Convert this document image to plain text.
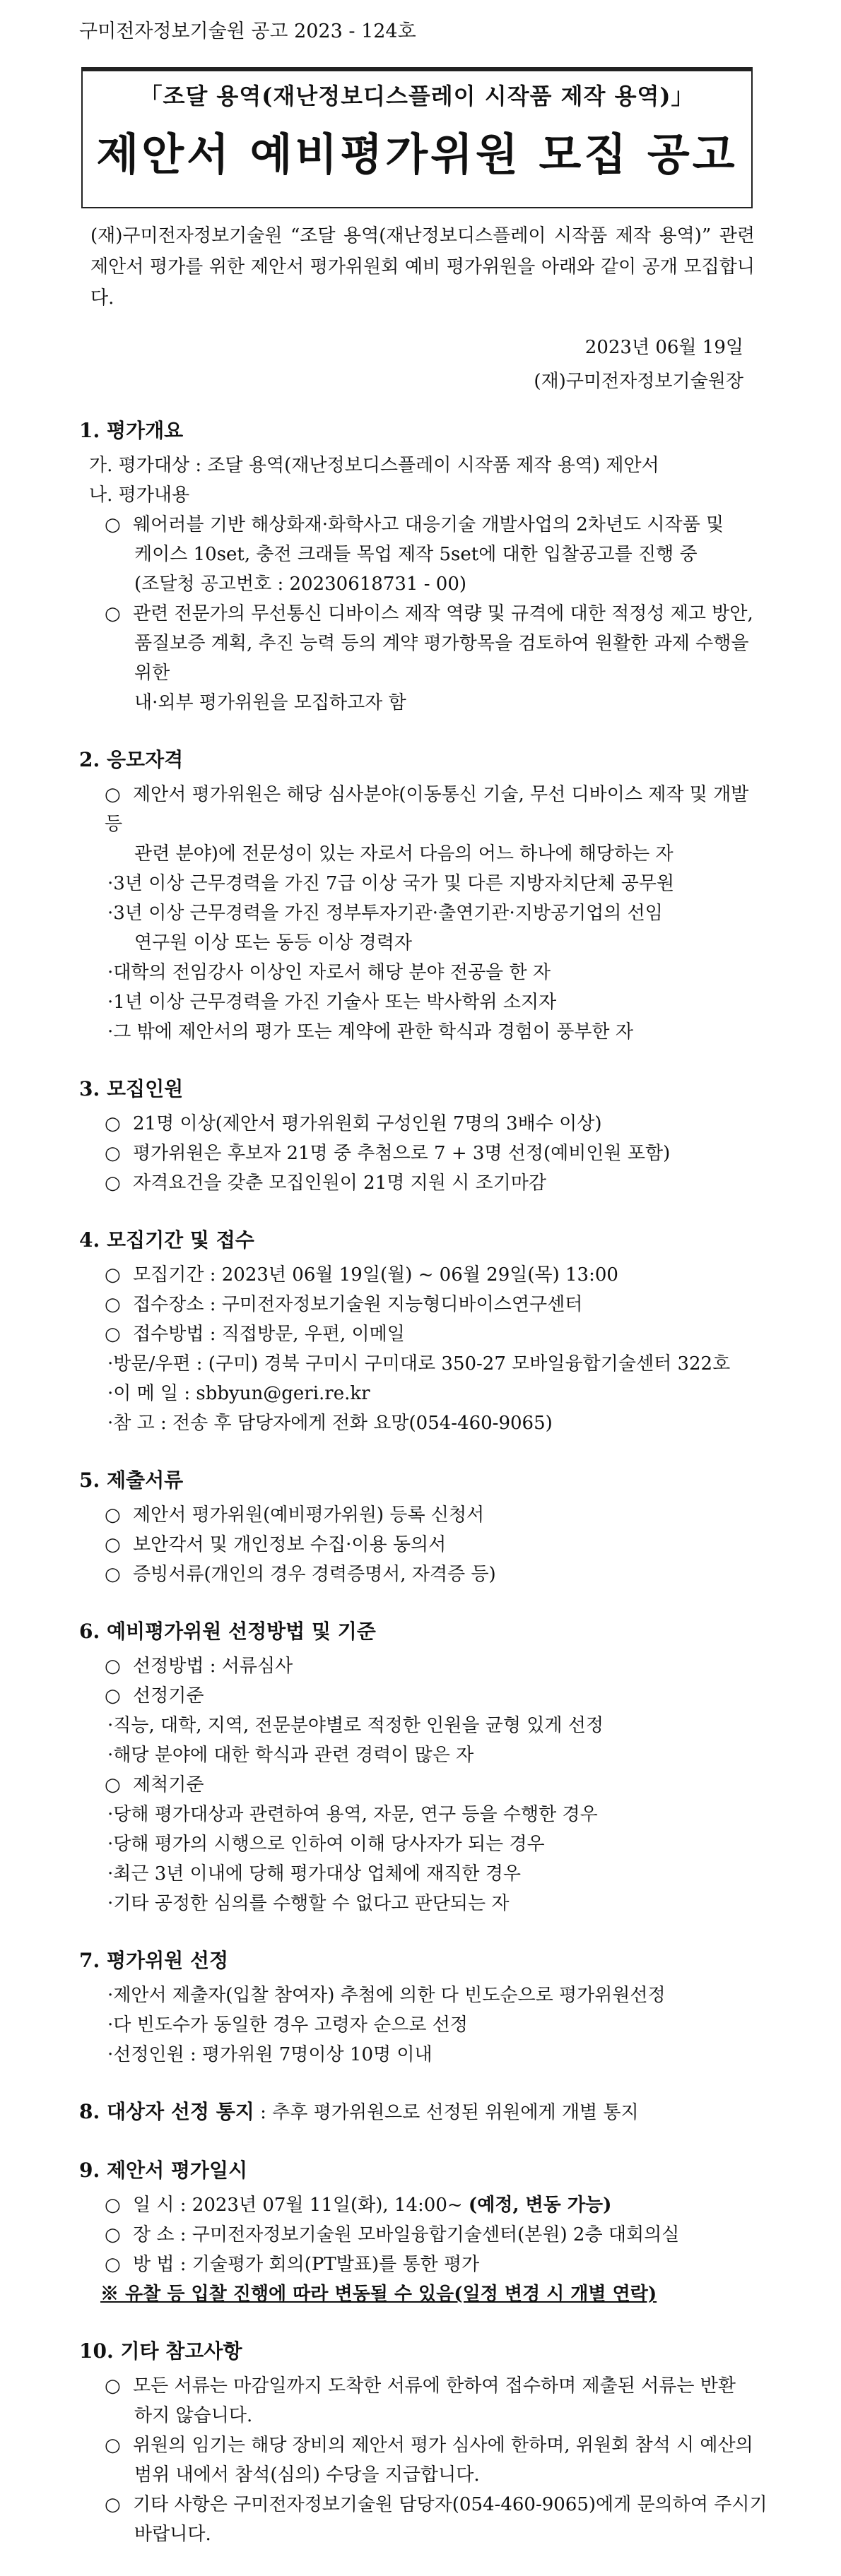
구미전자정보기술원 공고 2023 - 124호
「조달 용역(재난정보디스플레이 시작품 제작 용역)」
제안서 예비평가위원 모집 공고
(재)구미전자정보기술원 “조달 용역(재난정보디스플레이 시작품 제작 용역)” 관련 제안서 평가를 위한 제안서 평가위원회 예비 평가위원을 아래와 같이 공개 모집합니다.
2023년 06월 19일
(재)구미전자정보기술원장
1. 평가개요
가. 평가대상 : 조달 용역(재난정보디스플레이 시작품 제작 용역) 제안서
나. 평가내용
○ 웨어러블 기반 해상화재·화학사고 대응기술 개발사업의 2차년도 시작품 및
케이스 10set, 충전 크래들 목업 제작 5set에 대한 입찰공고를 진행 중
(조달청 공고번호 : 20230618731 - 00)
○ 관련 전문가의 무선통신 디바이스 제작 역량 및 규격에 대한 적정성 제고 방안,
품질보증 계획, 추진 능력 등의 계약 평가항목을 검토하여 원활한 과제 수행을 위한
내·외부 평가위원을 모집하고자 함
2. 응모자격
○ 제안서 평가위원은 해당 심사분야(이동통신 기술, 무선 디바이스 제작 및 개발 등
관련 분야)에 전문성이 있는 자로서 다음의 어느 하나에 해당하는 자
·3년 이상 근무경력을 가진 7급 이상 국가 및 다른 지방자치단체 공무원
·3년 이상 근무경력을 가진 정부투자기관·출연기관·지방공기업의 선임
연구원 이상 또는 동등 이상 경력자
·대학의 전임강사 이상인 자로서 해당 분야 전공을 한 자
·1년 이상 근무경력을 가진 기술사 또는 박사학위 소지자
·그 밖에 제안서의 평가 또는 계약에 관한 학식과 경험이 풍부한 자
3. 모집인원
○ 21명 이상(제안서 평가위원회 구성인원 7명의 3배수 이상)
○ 평가위원은 후보자 21명 중 추첨으로 7 + 3명 선정(예비인원 포함)
○ 자격요건을 갖춘 모집인원이 21명 지원 시 조기마감
4. 모집기간 및 접수
○ 모집기간 : 2023년 06월 19일(월) ~ 06월 29일(목) 13:00
○ 접수장소 : 구미전자정보기술원 지능형디바이스연구센터
○ 접수방법 : 직접방문, 우편, 이메일
·방문/우편 : (구미) 경북 구미시 구미대로 350-27 모바일융합기술센터 322호
·이 메 일 : sbbyun@geri.re.kr
·참 고 : 전송 후 담당자에게 전화 요망(054-460-9065)
5. 제출서류
○ 제안서 평가위원(예비평가위원) 등록 신청서
○ 보안각서 및 개인정보 수집·이용 동의서
○ 증빙서류(개인의 경우 경력증명서, 자격증 등)
6. 예비평가위원 선정방법 및 기준
○ 선정방법 : 서류심사
○ 선정기준
·직능, 대학, 지역, 전문분야별로 적정한 인원을 균형 있게 선정
·해당 분야에 대한 학식과 관련 경력이 많은 자
○ 제척기준
·당해 평가대상과 관련하여 용역, 자문, 연구 등을 수행한 경우
·당해 평가의 시행으로 인하여 이해 당사자가 되는 경우
·최근 3년 이내에 당해 평가대상 업체에 재직한 경우
·기타 공정한 심의를 수행할 수 없다고 판단되는 자
7. 평가위원 선정
·제안서 제출자(입찰 참여자) 추첨에 의한 다 빈도순으로 평가위원선정
·다 빈도수가 동일한 경우 고령자 순으로 선정
·선정인원 : 평가위원 7명이상 10명 이내
8. 대상자 선정 통지 : 추후 평가위원으로 선정된 위원에게 개별 통지
9. 제안서 평가일시
○ 일 시 : 2023년 07월 11일(화), 14:00~ (예정, 변동 가능)
○ 장 소 : 구미전자정보기술원 모바일융합기술센터(본원) 2층 대회의실
○ 방 법 : 기술평가 회의(PT발표)를 통한 평가
※ 유찰 등 입찰 진행에 따라 변동될 수 있음(일정 변경 시 개별 연락)
10. 기타 참고사항
○ 모든 서류는 마감일까지 도착한 서류에 한하여 접수하며 제출된 서류는 반환
하지 않습니다.
○ 위원의 임기는 해당 장비의 제안서 평가 심사에 한하며, 위원회 참석 시 예산의
범위 내에서 참석(심의) 수당을 지급합니다.
○ 기타 사항은 구미전자정보기술원 담당자(054-460-9065)에게 문의하여 주시기
바랍니다.
